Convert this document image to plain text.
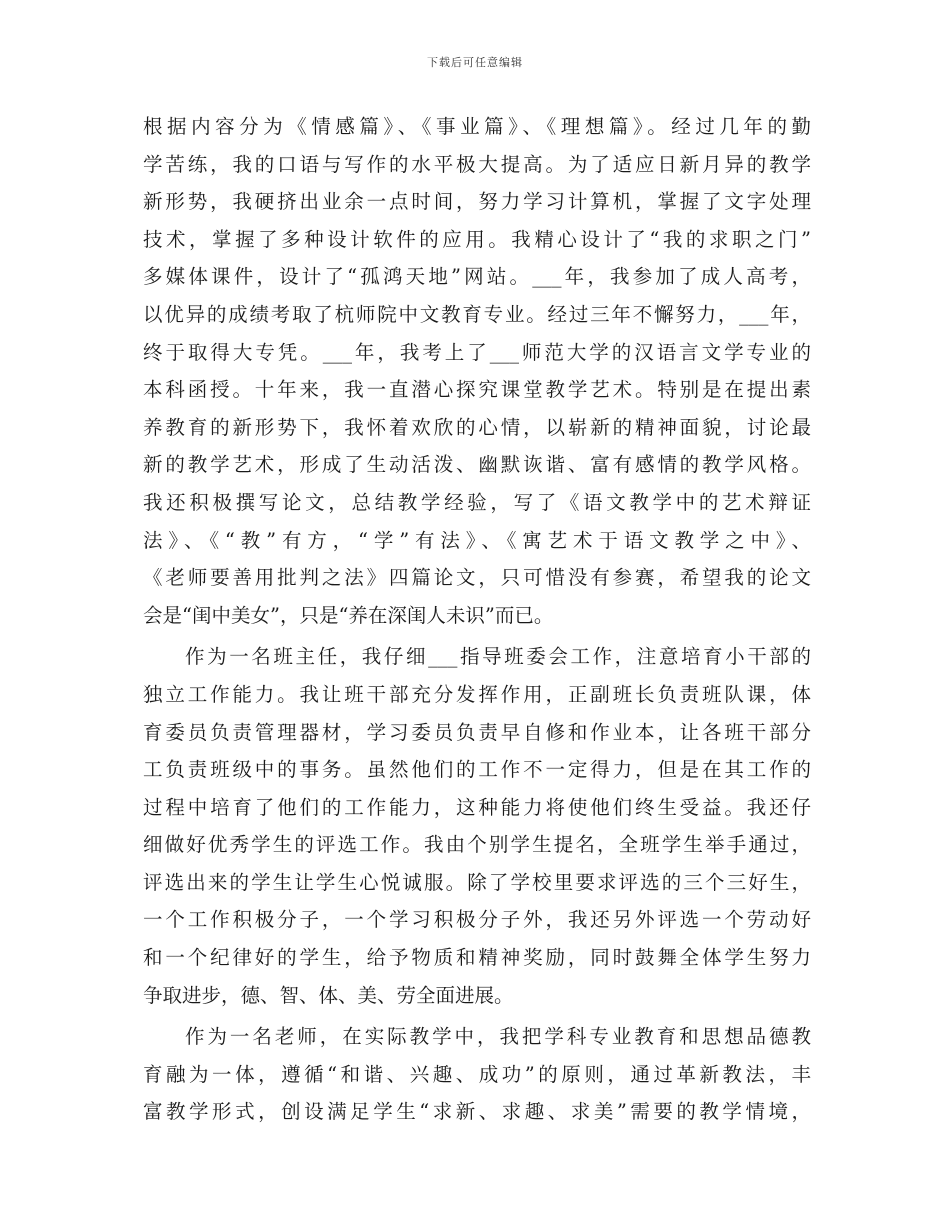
下载后可任意编辑
根据内容分为《情感篇》、《事业篇》、《理想篇》。经过几年的勤
学苦练，我的口语与写作的水平极大提高。为了适应日新月异的教学
新形势，我硬挤出业余一点时间，努力学习计算机，掌握了文字处理
技术，掌握了多种设计软件的应用。我精心设计了“我的求职之门”
多媒体课件，设计了“孤鸿天地”网站。___年，我参加了成人高考，
以优异的成绩考取了杭师院中文教育专业。经过三年不懈努力，___年，
终于取得大专凭。___年，我考上了___师范大学的汉语言文学专业的
本科函授。十年来，我一直潜心探究课堂教学艺术。特别是在提出素
养教育的新形势下，我怀着欢欣的心情，以崭新的精神面貌，讨论最
新的教学艺术，形成了生动活泼、幽默诙谐、富有感情的教学风格。
我还积极撰写论文，总结教学经验，写了《语文教学中的艺术辩证
法》、《“教”有方，“学”有法》、《寓艺术于语文教学之中》、
《老师要善用批判之法》四篇论文，只可惜没有参赛，希望我的论文
会是“闺中美女”，只是“养在深闺人未识”而已。
作为一名班主任，我仔细___指导班委会工作，注意培育小干部的
独立工作能力。我让班干部充分发挥作用，正副班长负责班队课，体
育委员负责管理器材，学习委员负责早自修和作业本，让各班干部分
工负责班级中的事务。虽然他们的工作不一定得力，但是在其工作的
过程中培育了他们的工作能力，这种能力将使他们终生受益。我还仔
细做好优秀学生的评选工作。我由个别学生提名，全班学生举手通过，
评选出来的学生让学生心悦诚服。除了学校里要求评选的三个三好生，
一个工作积极分子，一个学习积极分子外，我还另外评选一个劳动好
和一个纪律好的学生，给予物质和精神奖励，同时鼓舞全体学生努力
争取进步，德、智、体、美、劳全面进展。
作为一名老师，在实际教学中，我把学科专业教育和思想品德教
育融为一体，遵循“和谐、兴趣、成功”的原则，通过革新教法，丰
富教学形式，创设满足学生“求新、求趣、求美”需要的教学情境，
